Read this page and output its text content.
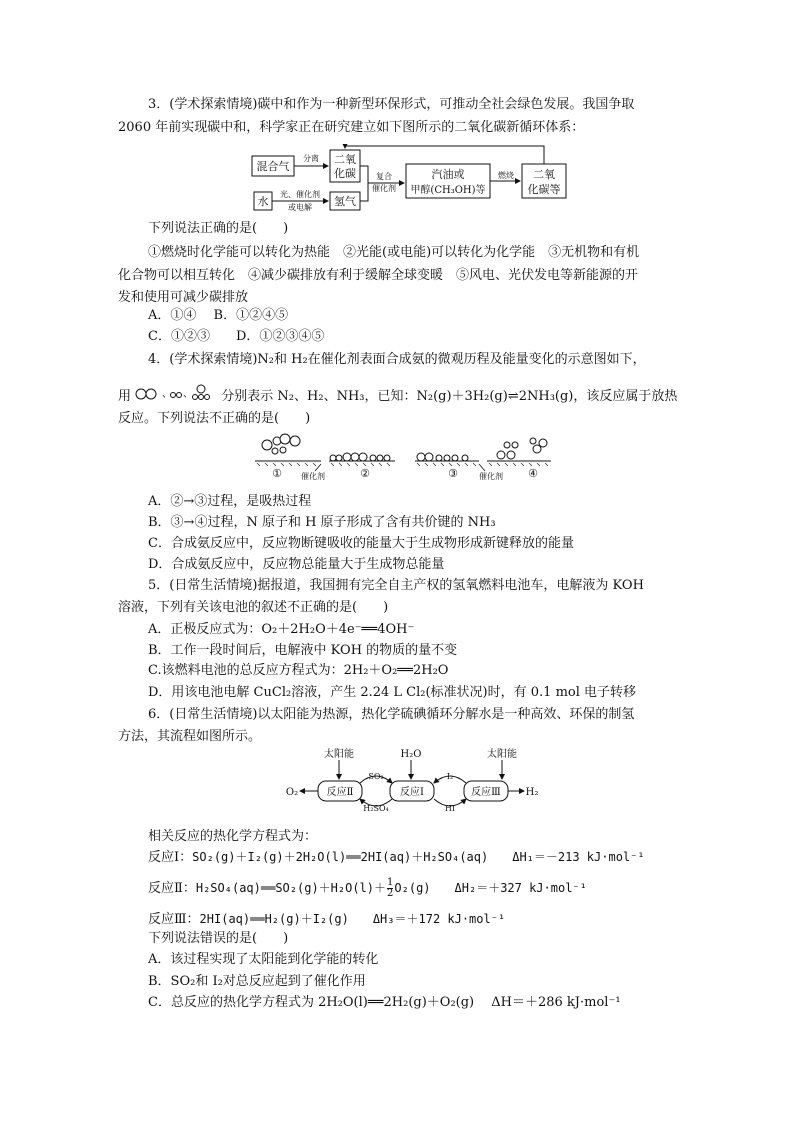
3．(学术探索情境)碳中和作为一种新型环保形式，可推动全社会绿色发展。我国争取
2060 年前实现碳中和，科学家正在研究建立如下图所示的二氧化碳新循环体系：
混合气
水
二氧
化碳
氢气
汽油或
甲醇(CH₃OH)等
二氧
化碳等
分离
光、催化剂
或电解
复合
催化剂
燃烧
下列说法正确的是(　　)
①燃烧时化学能可以转化为热能　②光能(或电能)可以转化为化学能　③无机物和有机
化合物可以相互转化　④减少碳排放有利于缓解全球变暖　⑤风电、光伏发电等新能源的开
发和使用可减少碳排放
A．①④　 B．①②④⑤
C．①②③　　D．①②③④⑤
4．(学术探索情境)N₂和 H₂在催化剂表面合成氨的微观历程及能量变化的示意图如下，
用	、 、 分别表示 N₂、H₂、NH₃，已知：N₂(g)＋3H₂(g)⇌2NH₃(g)，该反应属于放热
反应。下列说法不正确的是(　　)
①	②	③	④
催化剂	催化剂
A．②→③过程，是吸热过程
B．③→④过程，N 原子和 H 原子形成了含有共价键的 NH₃
C．合成氨反应中，反应物断键吸收的能量大于生成物形成新键释放的能量
D．合成氨反应中，反应物总能量大于生成物总能量
5．(日常生活情境)据报道，我国拥有完全自主产权的氢氧燃料电池车，电解液为 KOH
溶液，下列有关该电池的叙述不正确的是(　　)
A．正极反应式为：O₂＋2H₂O＋4e⁻══4OH⁻
B．工作一段时间后，电解液中 KOH 的物质的量不变
C.该燃料电池的总反应方程式为：2H₂＋O₂══2H₂O
D．用该电池电解 CuCl₂溶液，产生 2.24 L Cl₂(标准状况)时，有 0.1 mol 电子转移
6．(日常生活情境)以太阳能为热源，热化学硫碘循环分解水是一种高效、环保的制氢
方法，其流程如图所示。
太阳能	H₂O	太阳能
O₂	H₂
SO₂
H₂SO₄
I₂
HI
反应Ⅱ	反应Ⅰ	反应Ⅲ
相关反应的热化学方程式为：
反应Ⅰ：SO₂(g)＋I₂(g)＋2H₂O(l)══2HI(aq)＋H₂SO₄(aq)　　ΔH₁＝－213 kJ·mol⁻¹
反应Ⅱ：H₂SO₄(aq)══SO₂(g)＋H₂O(l)＋ $\frac{1}{2} O_2(g)$　　ΔH₂＝＋327 kJ·mol⁻¹
反应Ⅲ：2HI(aq)══H₂(g)＋I₂(g)　　ΔH₃＝＋172 kJ·mol⁻¹
下列说法错误的是(　　)
A．该过程实现了太阳能到化学能的转化
B．SO₂和 I₂对总反应起到了催化作用
C．总反应的热化学方程式为 2H₂O(l)══2H₂(g)＋O₂(g)　 ΔH＝＋286 kJ·mol⁻¹
